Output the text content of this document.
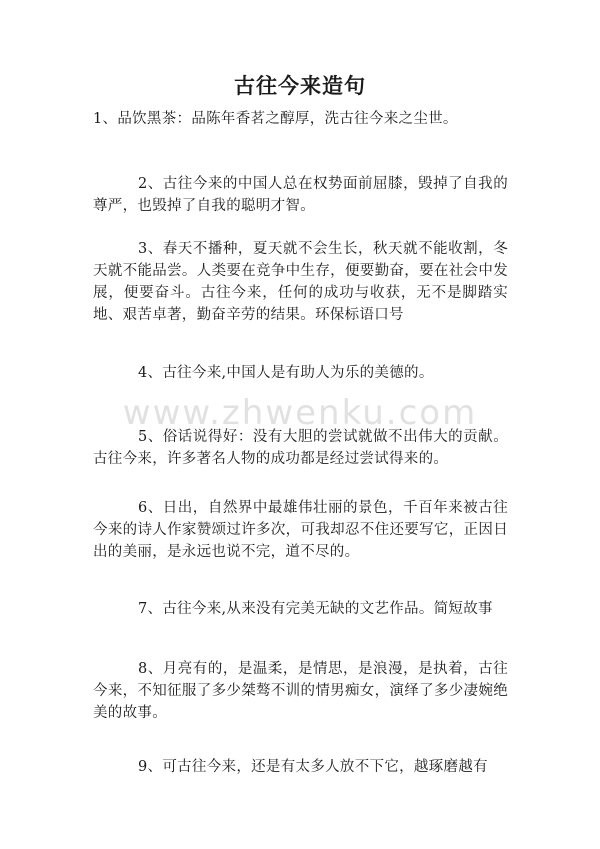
古往今来造句
www.zhwenku.com
1、品饮黑茶：品陈年香茗之醇厚，洗古往今来之尘世。
2、古往今来的中国人总在权势面前屈膝，毁掉了自我的尊严，也毁掉了自我的聪明才智。
3、春天不播种，夏天就不会生长，秋天就不能收割，冬天就不能品尝。人类要在竞争中生存，便要勤奋，要在社会中发展，便要奋斗。古往今来，任何的成功与收获，无不是脚踏实地、艰苦卓著，勤奋辛劳的结果。环保标语口号
4、古往今来,中国人是有助人为乐的美德的。
5、俗话说得好：没有大胆的尝试就做不出伟大的贡献。古往今来，许多著名人物的成功都是经过尝试得来的。
6、日出，自然界中最雄伟壮丽的景色，千百年来被古往今来的诗人作家赞颂过许多次，可我却忍不住还要写它，正因日出的美丽，是永远也说不完，道不尽的。
7、古往今来,从来没有完美无缺的文艺作品。简短故事
8、月亮有的，是温柔，是情思，是浪漫，是执着，古往今来，不知征服了多少桀骜不训的情男痴女，演绎了多少凄婉绝美的故事。
9、可古往今来，还是有太多人放不下它，越琢磨越有
